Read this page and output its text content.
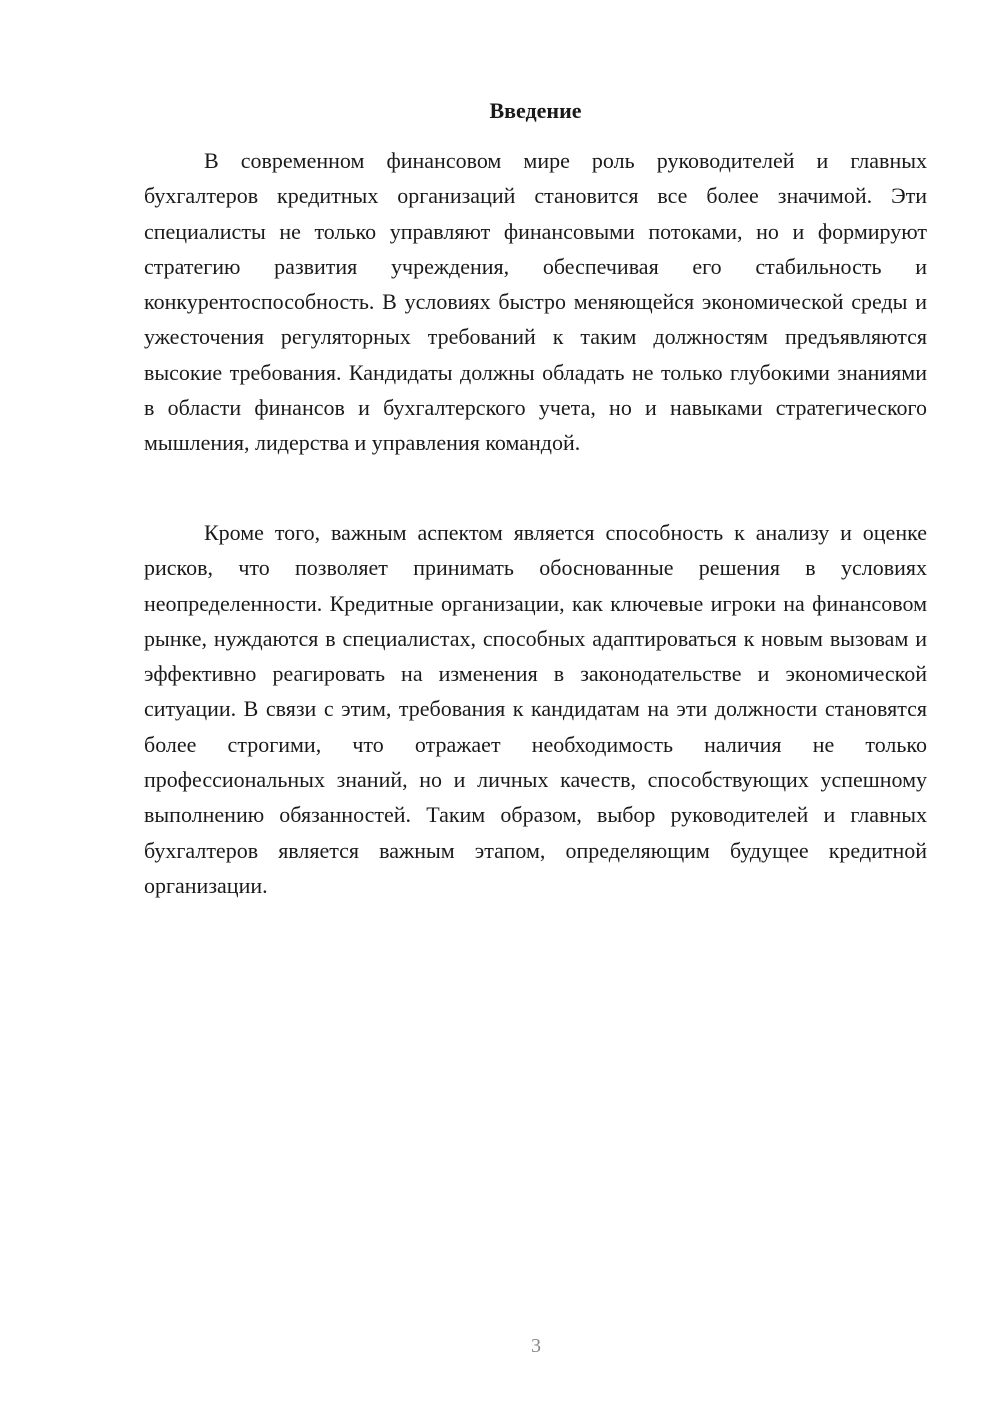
Введение

В современном финансовом мире роль руководителей и главных бухгалтеров кредитных организаций становится все более значимой. Эти специалисты не только управляют финансовыми потоками, но и формируют стратегию развития учреждения, обеспечивая его стабильность и конкурентоспособность. В условиях быстро меняющейся экономической среды и ужесточения регуляторных требований к таким должностям предъявляются высокие требования. Кандидаты должны обладать не только глубокими знаниями в области финансов и бухгалтерского учета, но и навыками стратегического мышления, лидерства и управления командой.

Кроме того, важным аспектом является способность к анализу и оценке рисков, что позволяет принимать обоснованные решения в условиях неопределенности. Кредитные организации, как ключевые игроки на финансовом рынке, нуждаются в специалистах, способных адаптироваться к новым вызовам и эффективно реагировать на изменения в законодательстве и экономической ситуации. В связи с этим, требования к кандидатам на эти должности становятся более строгими, что отражает необходимость наличия не только профессиональных знаний, но и личных качеств, способствующих успешному выполнению обязанностей. Таким образом, выбор руководителей и главных бухгалтеров является важным этапом, определяющим будущее кредитной организации.

3
